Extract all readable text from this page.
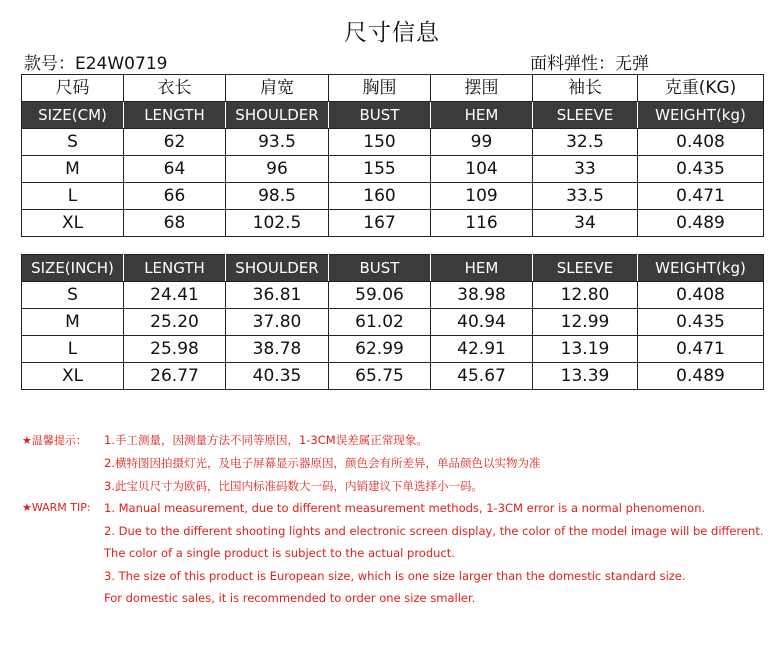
尺寸信息
款号：E24W0719	面料弹性：无弹
尺码	衣长	肩宽	胸围	摆围	袖长	克重(KG)
SIZE(CM)	LENGTH	SHOULDER	BUST	HEM	SLEEVE	WEIGHT(kg)
S	62	93.5	150	99	32.5	0.408
M	64	96	155	104	33	0.435
L	66	98.5	160	109	33.5	0.471
XL	68	102.5	167	116	34	0.489
SIZE(INCH)	LENGTH	SHOULDER	BUST	HEM	SLEEVE	WEIGHT(kg)
S	24.41	36.81	59.06	38.98	12.80	0.408
M	25.20	37.80	61.02	40.94	12.99	0.435
L	25.98	38.78	62.99	42.91	13.19	0.471
XL	26.77	40.35	65.75	45.67	13.39	0.489
★温馨提示： 1.手工测量，因测量方法不同等原因，1-3CM误差属正常现象。
2.横特图因拍摄灯光，及电子屏幕显示器原因，颜色会有所差异，单品颜色以实物为准
3.此宝贝尺寸为欧码，比国内标准码数大一码，内销建议下单选择小一码。
★WARM TIP: 1. Manual measurement, due to different measurement methods, 1-3CM error is a normal phenomenon.
2. Due to the different shooting lights and electronic screen display, the color of the model image will be different.
The color of a single product is subject to the actual product.
3. The size of this product is European size, which is one size larger than the domestic standard size.
For domestic sales, it is recommended to order one size smaller.
